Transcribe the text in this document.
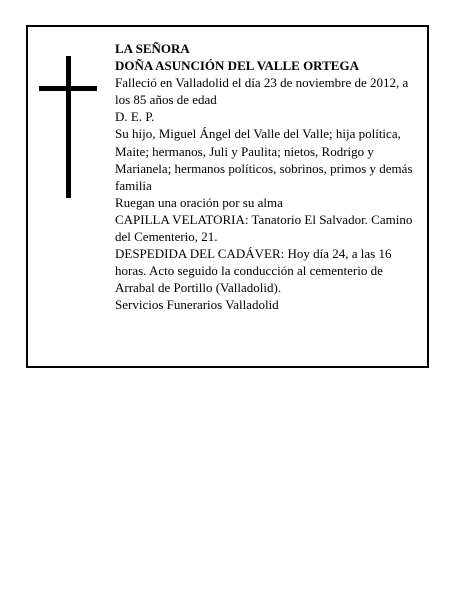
LA SEÑORA

DOÑA ASUNCIÓN DEL VALLE ORTEGA

Falleció en Valladolid el día 23 de noviembre de 2012, a los 85 años de edad

D. E. P.

Su hijo, Miguel Ángel del Valle del Valle; hija política, Maite; hermanos, Juli y Paulita; nietos, Rodrigo y Marianela; hermanos políticos, sobrinos, primos y demás familia

Ruegan una oración por su alma

CAPILLA VELATORIA: Tanatorio El Salvador. Camino del Cementerio, 21.

DESPEDIDA DEL CADÁVER: Hoy día 24, a las 16 horas. Acto seguido la conducción al cementerio de Arrabal de Portillo (Valladolid).

Servicios Funerarios Valladolid
